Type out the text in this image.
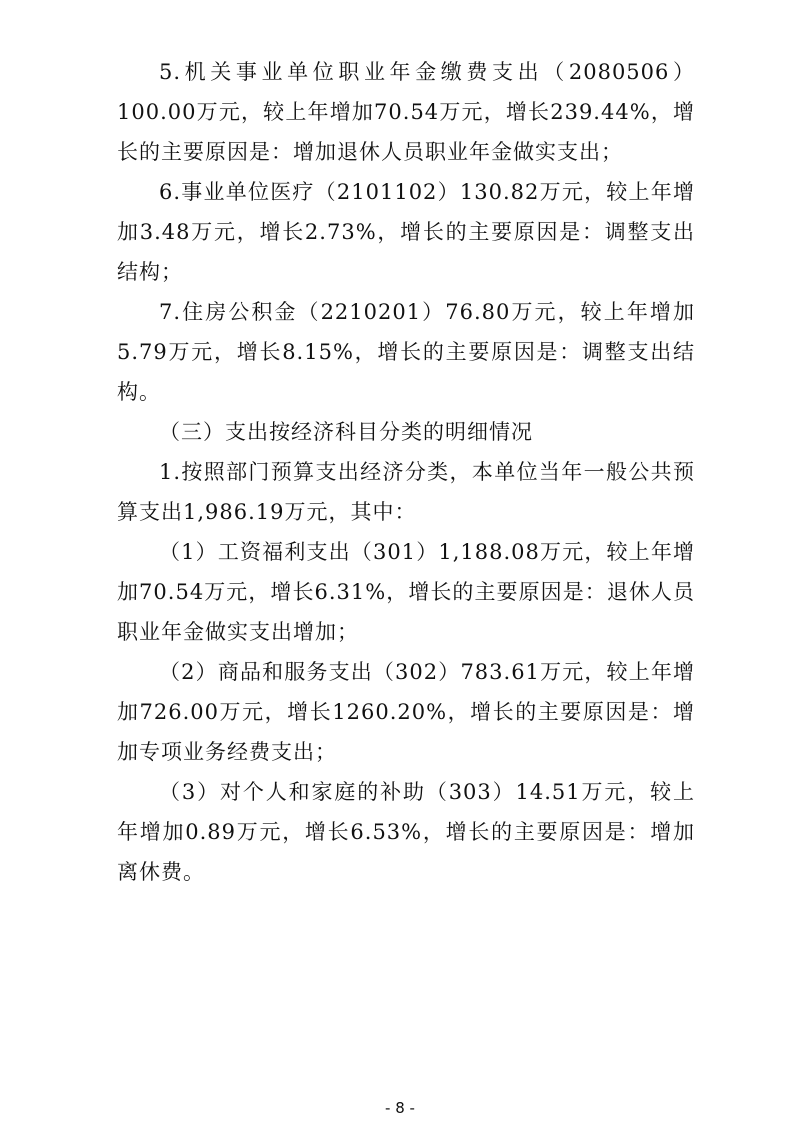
5.机关事业单位职业年金缴费支出（2080506）100.00万元，较上年增加70.54万元，增长239.44%，增长的主要原因是：增加退休人员职业年金做实支出；

6.事业单位医疗（2101102）130.82万元，较上年增加3.48万元，增长2.73%，增长的主要原因是：调整支出结构；

7.住房公积金（2210201）76.80万元，较上年增加5.79万元，增长8.15%，增长的主要原因是：调整支出结构。

（三）支出按经济科目分类的明细情况

1.按照部门预算支出经济分类，本单位当年一般公共预算支出1,986.19万元，其中：

（1）工资福利支出（301）1,188.08万元，较上年增加70.54万元，增长6.31%，增长的主要原因是：退休人员职业年金做实支出增加；

（2）商品和服务支出（302）783.61万元，较上年增加726.00万元，增长1260.20%，增长的主要原因是：增加专项业务经费支出；

（3）对个人和家庭的补助（303）14.51万元，较上年增加0.89万元，增长6.53%，增长的主要原因是：增加离休费。

- 8 -
